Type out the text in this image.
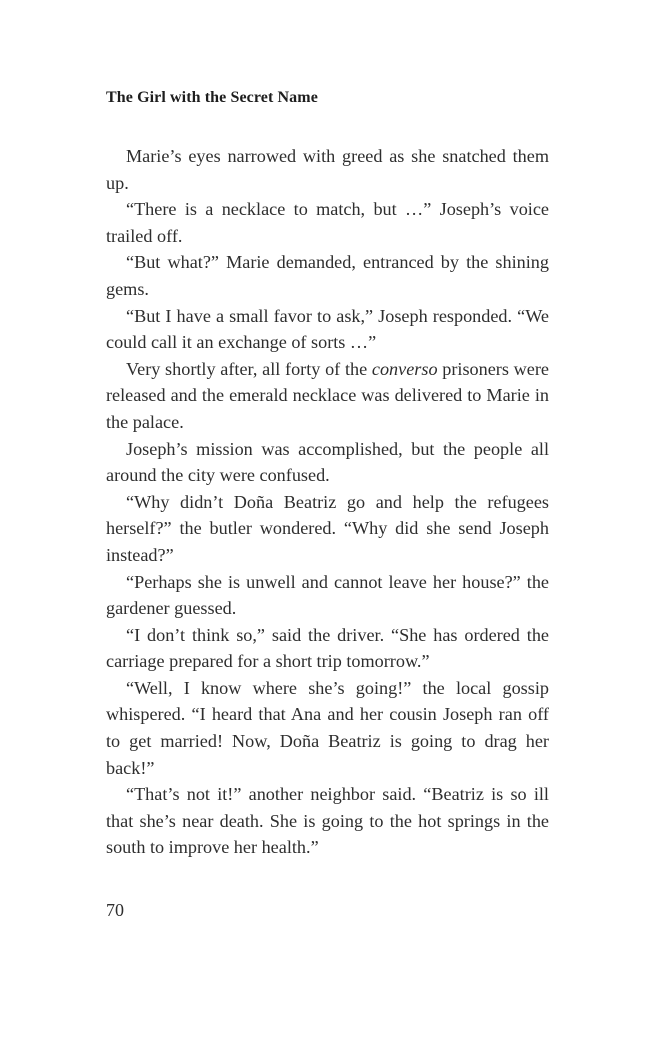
The Girl with the Secret Name

Marie’s eyes narrowed with greed as she snatched them up.

“There is a necklace to match, but …” Joseph’s voice trailed off.

“But what?” Marie demanded, entranced by the shining gems.

“But I have a small favor to ask,” Joseph responded. “We could call it an exchange of sorts …”

Very shortly after, all forty of the converso prisoners were released and the emerald necklace was delivered to Marie in the palace.

Joseph’s mission was accomplished, but the people all around the city were confused.

“Why didn’t Doña Beatriz go and help the refugees herself?” the butler wondered. “Why did she send Joseph instead?”

“Perhaps she is unwell and cannot leave her house?” the gardener guessed.

“I don’t think so,” said the driver. “She has ordered the carriage prepared for a short trip tomorrow.”

“Well, I know where she’s going!” the local gossip whispered. “I heard that Ana and her cousin Joseph ran off to get married! Now, Doña Beatriz is going to drag her back!”

“That’s not it!” another neighbor said. “Beatriz is so ill that she’s near death. She is going to the hot springs in the south to improve her health.”

70
